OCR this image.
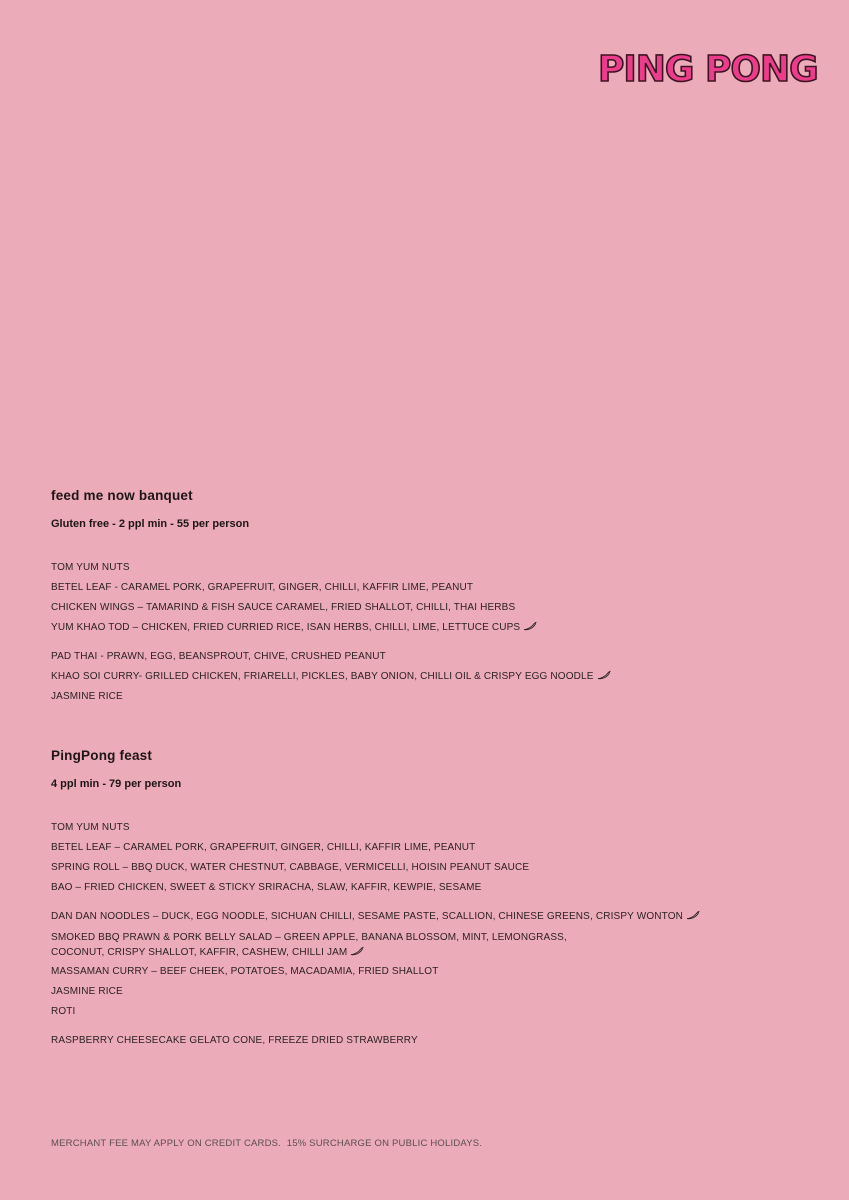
PING PONG
feed me now banquet
Gluten free - 2 ppl min - 55 per person
TOM YUM NUTS
BETEL LEAF - CARAMEL PORK, GRAPEFRUIT, GINGER, CHILLI, KAFFIR LIME, PEANUT
CHICKEN WINGS – TAMARIND & FISH SAUCE CARAMEL, FRIED SHALLOT, CHILLI, THAI HERBS
YUM KHAO TOD – CHICKEN, FRIED CURRIED RICE, ISAN HERBS, CHILLI, LIME, LETTUCE CUPS
PAD THAI - PRAWN, EGG, BEANSPROUT, CHIVE, CRUSHED PEANUT
KHAO SOI CURRY- GRILLED CHICKEN, FRIARELLI, PICKLES, BABY ONION, CHILLI OIL & CRISPY EGG NOODLE
JASMINE RICE
PingPong feast
4 ppl min - 79 per person
TOM YUM NUTS
BETEL LEAF – CARAMEL PORK, GRAPEFRUIT, GINGER, CHILLI, KAFFIR LIME, PEANUT
SPRING ROLL – BBQ DUCK, WATER CHESTNUT, CABBAGE, VERMICELLI, HOISIN PEANUT SAUCE
BAO – FRIED CHICKEN, SWEET & STICKY SRIRACHA, SLAW, KAFFIR, KEWPIE, SESAME
DAN DAN NOODLES – DUCK, EGG NOODLE, SICHUAN CHILLI, SESAME PASTE, SCALLION, CHINESE GREENS, CRISPY WONTON
SMOKED BBQ PRAWN & PORK BELLY SALAD – GREEN APPLE, BANANA BLOSSOM, MINT, LEMONGRASS,
COCONUT, CRISPY SHALLOT, KAFFIR, CASHEW, CHILLI JAM
MASSAMAN CURRY – BEEF CHEEK, POTATOES, MACADAMIA, FRIED SHALLOT
JASMINE RICE
ROTI
RASPBERRY CHEESECAKE GELATO CONE, FREEZE DRIED STRAWBERRY
MERCHANT FEE MAY APPLY ON CREDIT CARDS.  15% SURCHARGE ON PUBLIC HOLIDAYS.
